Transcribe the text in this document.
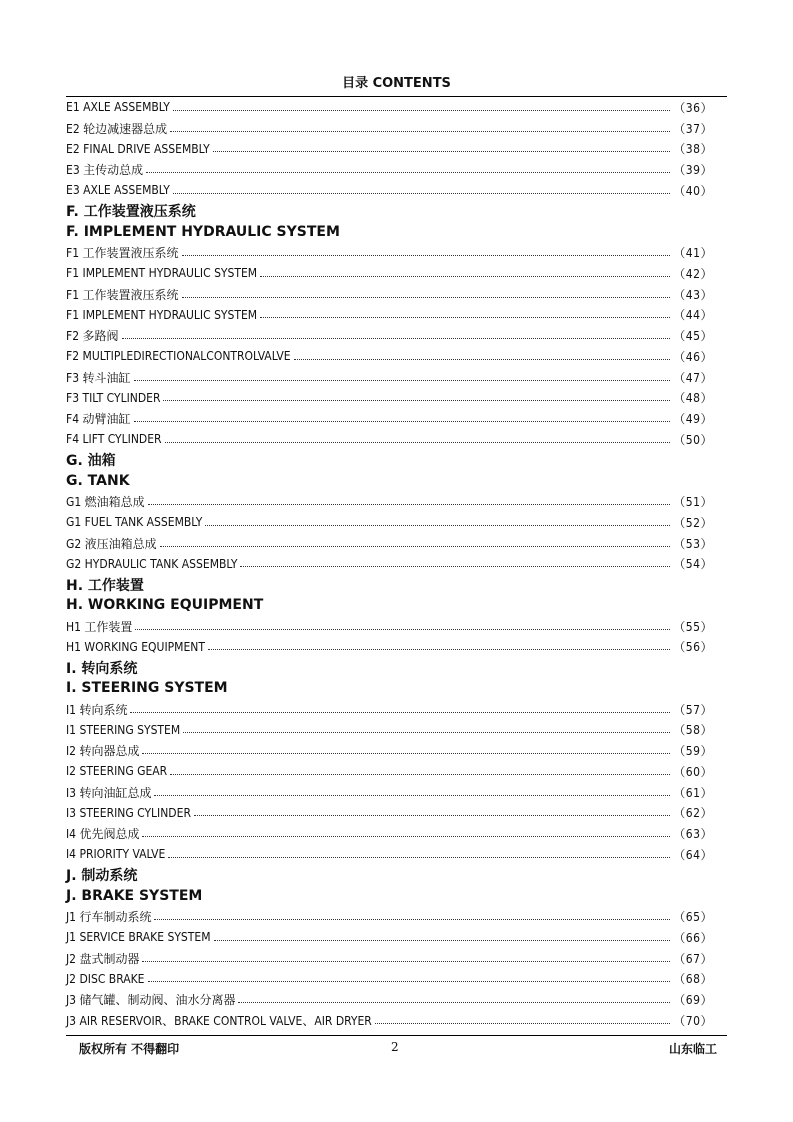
目录 CONTENTS
E1 AXLE ASSEMBLY	（36）
E2 轮边减速器总成	（37）
E2 FINAL DRIVE ASSEMBLY	（38）
E3 主传动总成	（39）
E3 AXLE ASSEMBLY	（40）
F. 工作装置液压系统
F. IMPLEMENT HYDRAULIC SYSTEM
F1 工作装置液压系统	（41）
F1 IMPLEMENT HYDRAULIC SYSTEM	（42）
F1 工作装置液压系统	（43）
F1 IMPLEMENT HYDRAULIC SYSTEM	（44）
F2 多路阀	（45）
F2 MULTIPLEDIRECTIONALCONTROLVALVE	（46）
F3 转斗油缸	（47）
F3 TILT CYLINDER	（48）
F4 动臂油缸	（49）
F4 LIFT CYLINDER	（50）
G. 油箱
G. TANK
G1 燃油箱总成	（51）
G1 FUEL TANK ASSEMBLY	（52）
G2 液压油箱总成	（53）
G2 HYDRAULIC TANK ASSEMBLY	（54）
H. 工作装置
H. WORKING EQUIPMENT
H1 工作装置	（55）
H1 WORKING EQUIPMENT	（56）
I. 转向系统
I. STEERING SYSTEM
I1 转向系统	（57）
I1 STEERING SYSTEM	（58）
I2 转向器总成	（59）
I2 STEERING GEAR	（60）
I3 转向油缸总成	（61）
I3 STEERING CYLINDER	（62）
I4 优先阀总成	（63）
I4 PRIORITY VALVE	（64）
J. 制动系统
J. BRAKE SYSTEM
J1 行车制动系统	（65）
J1 SERVICE BRAKE SYSTEM	（66）
J2 盘式制动器	（67）
J2 DISC BRAKE	（68）
J3 储气罐、制动阀、油水分离器	（69）
J3 AIR RESERVOIR、BRAKE CONTROL VALVE、AIR DRYER	（70）
版权所有 不得翻印	2	山东临工
